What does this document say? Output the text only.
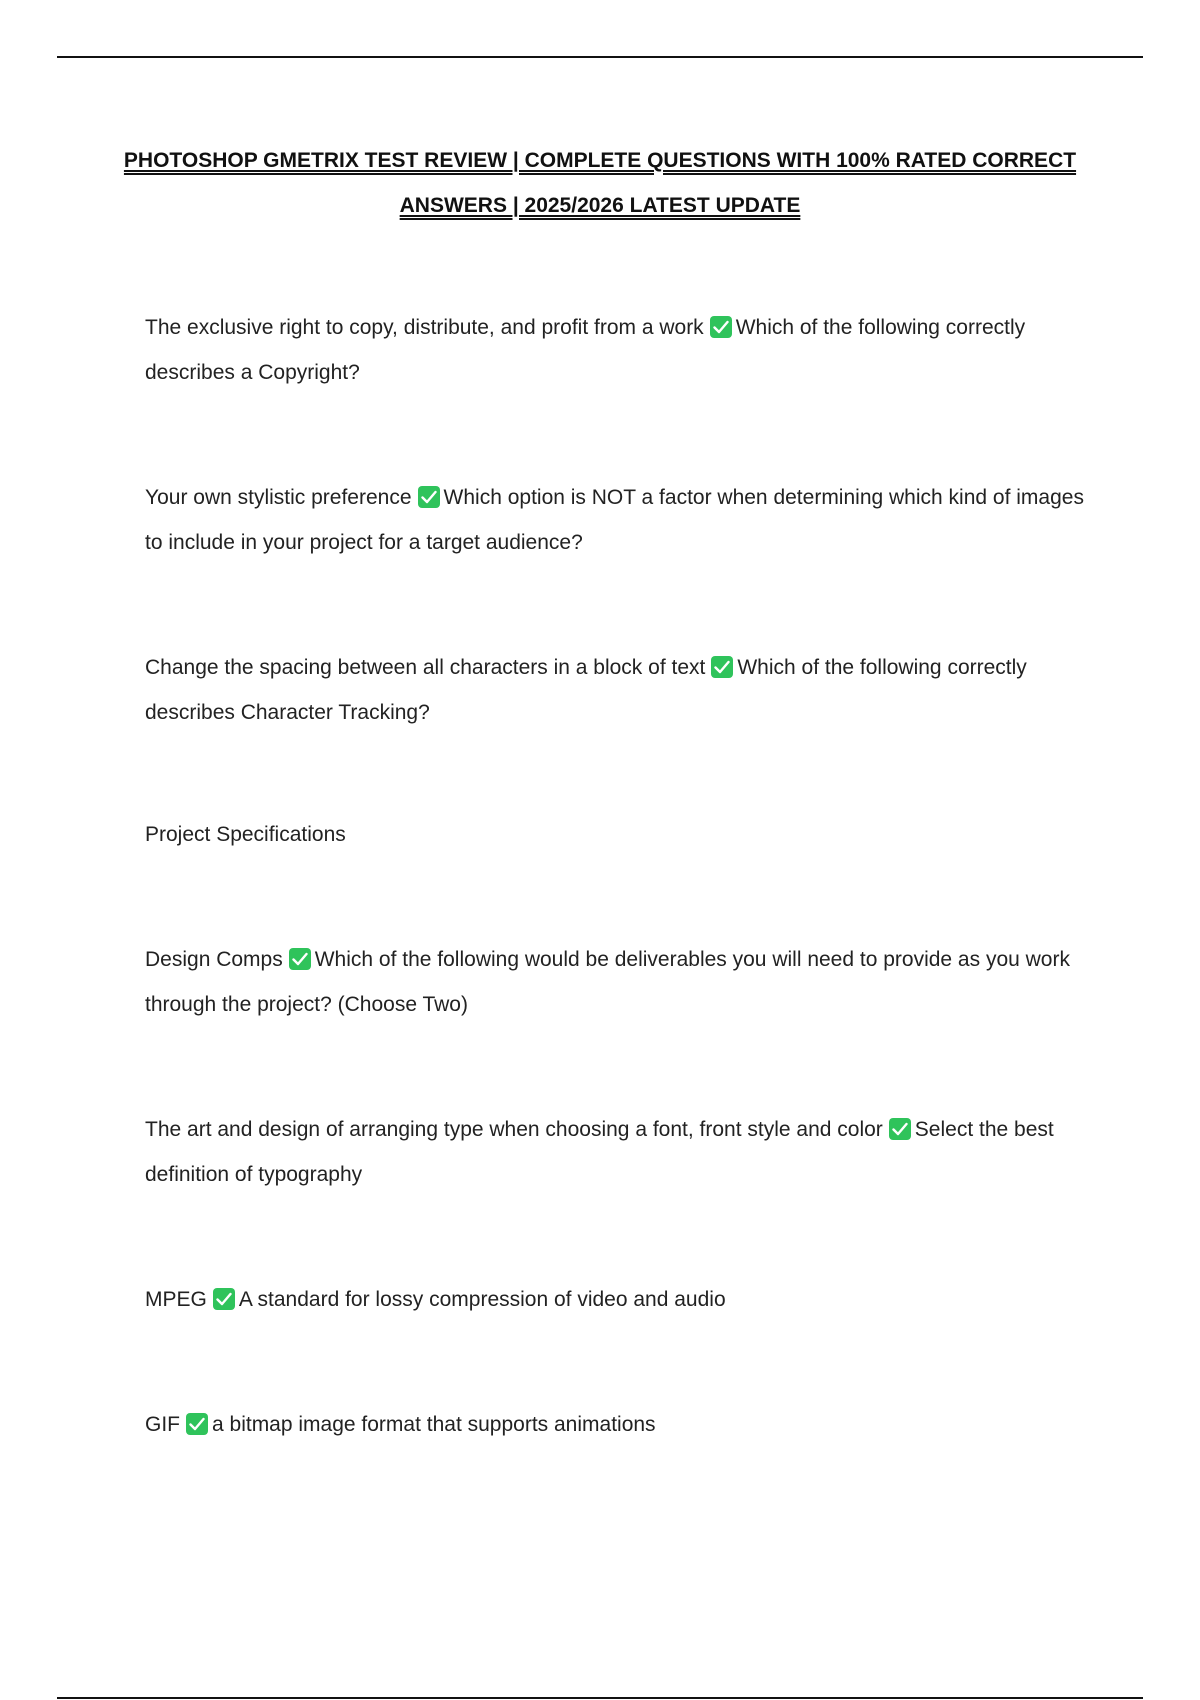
PHOTOSHOP GMETRIX TEST REVIEW | COMPLETE QUESTIONS WITH 100% RATED CORRECT
ANSWERS | 2025/2026 LATEST UPDATE
The exclusive right to copy, distribute, and profit from a work Which of the following correctly describes a Copyright?
Your own stylistic preference Which option is NOT a factor when determining which kind of images to include in your project for a target audience?
Change the spacing between all characters in a block of text Which of the following correctly describes Character Tracking?
Project Specifications
Design Comps Which of the following would be deliverables you will need to provide as you work through the project? (Choose Two)
The art and design of arranging type when choosing a font, front style and color Select the best definition of typography
MPEG A standard for lossy compression of video and audio
GIF a bitmap image format that supports animations
